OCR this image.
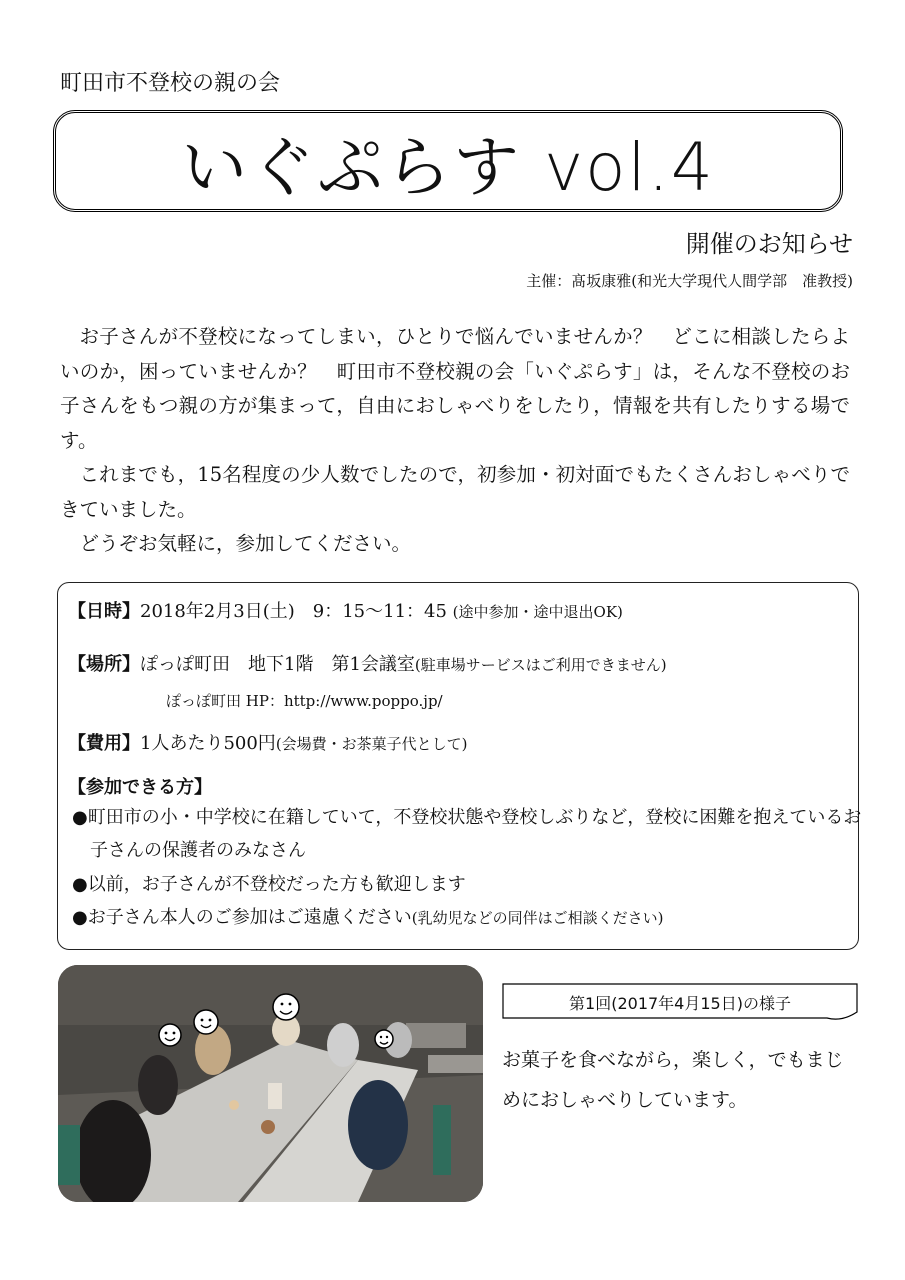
町田市不登校の親の会
いぐぷらす vol.4
開催のお知らせ
主催：髙坂康雅(和光大学現代人間学部　准教授)

お子さんが不登校になってしまい，ひとりで悩んでいませんか？　どこに相談したらよいのか，困っていませんか？　町田市不登校親の会「いぐぷらす」は，そんな不登校のお子さんをもつ親の方が集まって，自由におしゃべりをしたり，情報を共有したりする場です。

これまでも，15名程度の少人数でしたので，初参加・初対面でもたくさんおしゃべりできていました。

どうぞお気軽に，参加してください。

【日時】2018年2月3日(土)　9：15～11：45 (途中参加・途中退出OK)
【場所】ぽっぽ町田　地下1階　第1会議室(駐車場サービスはご利用できません)
ぽっぽ町田 HP：http://www.poppo.jp/
【費用】1人あたり500円(会場費・お茶菓子代として)
【参加できる方】
●町田市の小・中学校に在籍していて，不登校状態や登校しぶりなど，登校に困難を抱えているお子さんの保護者のみなさん
●以前，お子さんが不登校だった方も歓迎します
●お子さん本人のご参加はご遠慮ください(乳幼児などの同伴はご相談ください)
第1回(2017年4月15日)の様子
お菓子を食べながら，楽しく，でもまじめにおしゃべりしています。
